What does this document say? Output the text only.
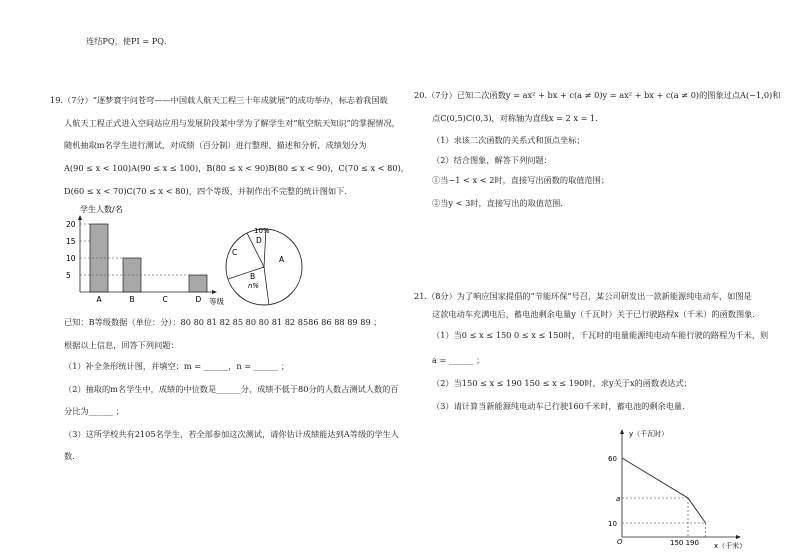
连结PQ，使PI = PQ．
19.（7分）“逐梦寰宇问苍穹——中国载人航天工程三十年成就展”的成功举办，标志着我国载
人航天工程正式进入空间站应用与发展阶段某中学为了解学生对“航空航天知识”的掌握情况，
随机抽取m名学生进行测试，对成绩（百分制）进行整理、描述和分析，成绩划分为
A(90 ≤ x < 100)A(90 ≤ x ≤ 100)，B(80 ≤ x < 90)B(80 ≤ x < 90)，C(70 ≤ x < 80)，
D(60 ≤ x < 70)C(70 ≤ x < 80)，四个等级，并制作出不完整的统计图如下．
学生人数/名
20
15
10
5
A	B	C	D 等级
10%
D
A
B
n%
C
已知：B等级数据（单位：分）：80 80 81 82 85 80 80 81 82 8586 86 88 89 89 ；
根据以上信息，回答下列问题：
（1）补全条形统计图，并填空：m = ______，n = ______ ；
（2）抽取的m名学生中，成绩的中位数是______分，成绩不低于80分的人数占测试人数的百
分比为______ ；
（3）这所学校共有2105名学生，若全部参加这次测试，请你估计成绩能达到A等级的学生人
数．
20.（7分）已知二次函数y = ax² + bx + c(a ≠ 0)y = ax² + bx + c(a ≠ 0)的图象过点A(−1,0)和
点C(0,5)C(0,3)，对称轴为直线x = 2 x = 1．
（1）求该二次函数的关系式和顶点坐标；
（2）结合图象，解答下列问题：
①当−1 < x < 2时，直接写出函数的取值范围；
②当y < 3时，直接写出的取值范围．
21.（8分）为了响应国家提倡的“节能环保”号召，某公司研发出一款新能源纯电动车，如图是
这款电动车充满电后，蓄电池剩余电量y（千瓦时）关于已行驶路程x（千米）的函数图象．
（1）当0 ≤ x ≤ 150 0 ≤ x ≤ 150时，千瓦时的电量能源纯电动车能行驶的路程为千米，则
a = ______ ；
（2）当150 ≤ x ≤ 190 150 ≤ x ≤ 190时，求y关于x的函数表达式；
（3）请计算当新能源纯电动车已行驶160千米时，蓄电池的剩余电量．
y（千瓦时）
60
a
10
O	150 190 x（千米）
